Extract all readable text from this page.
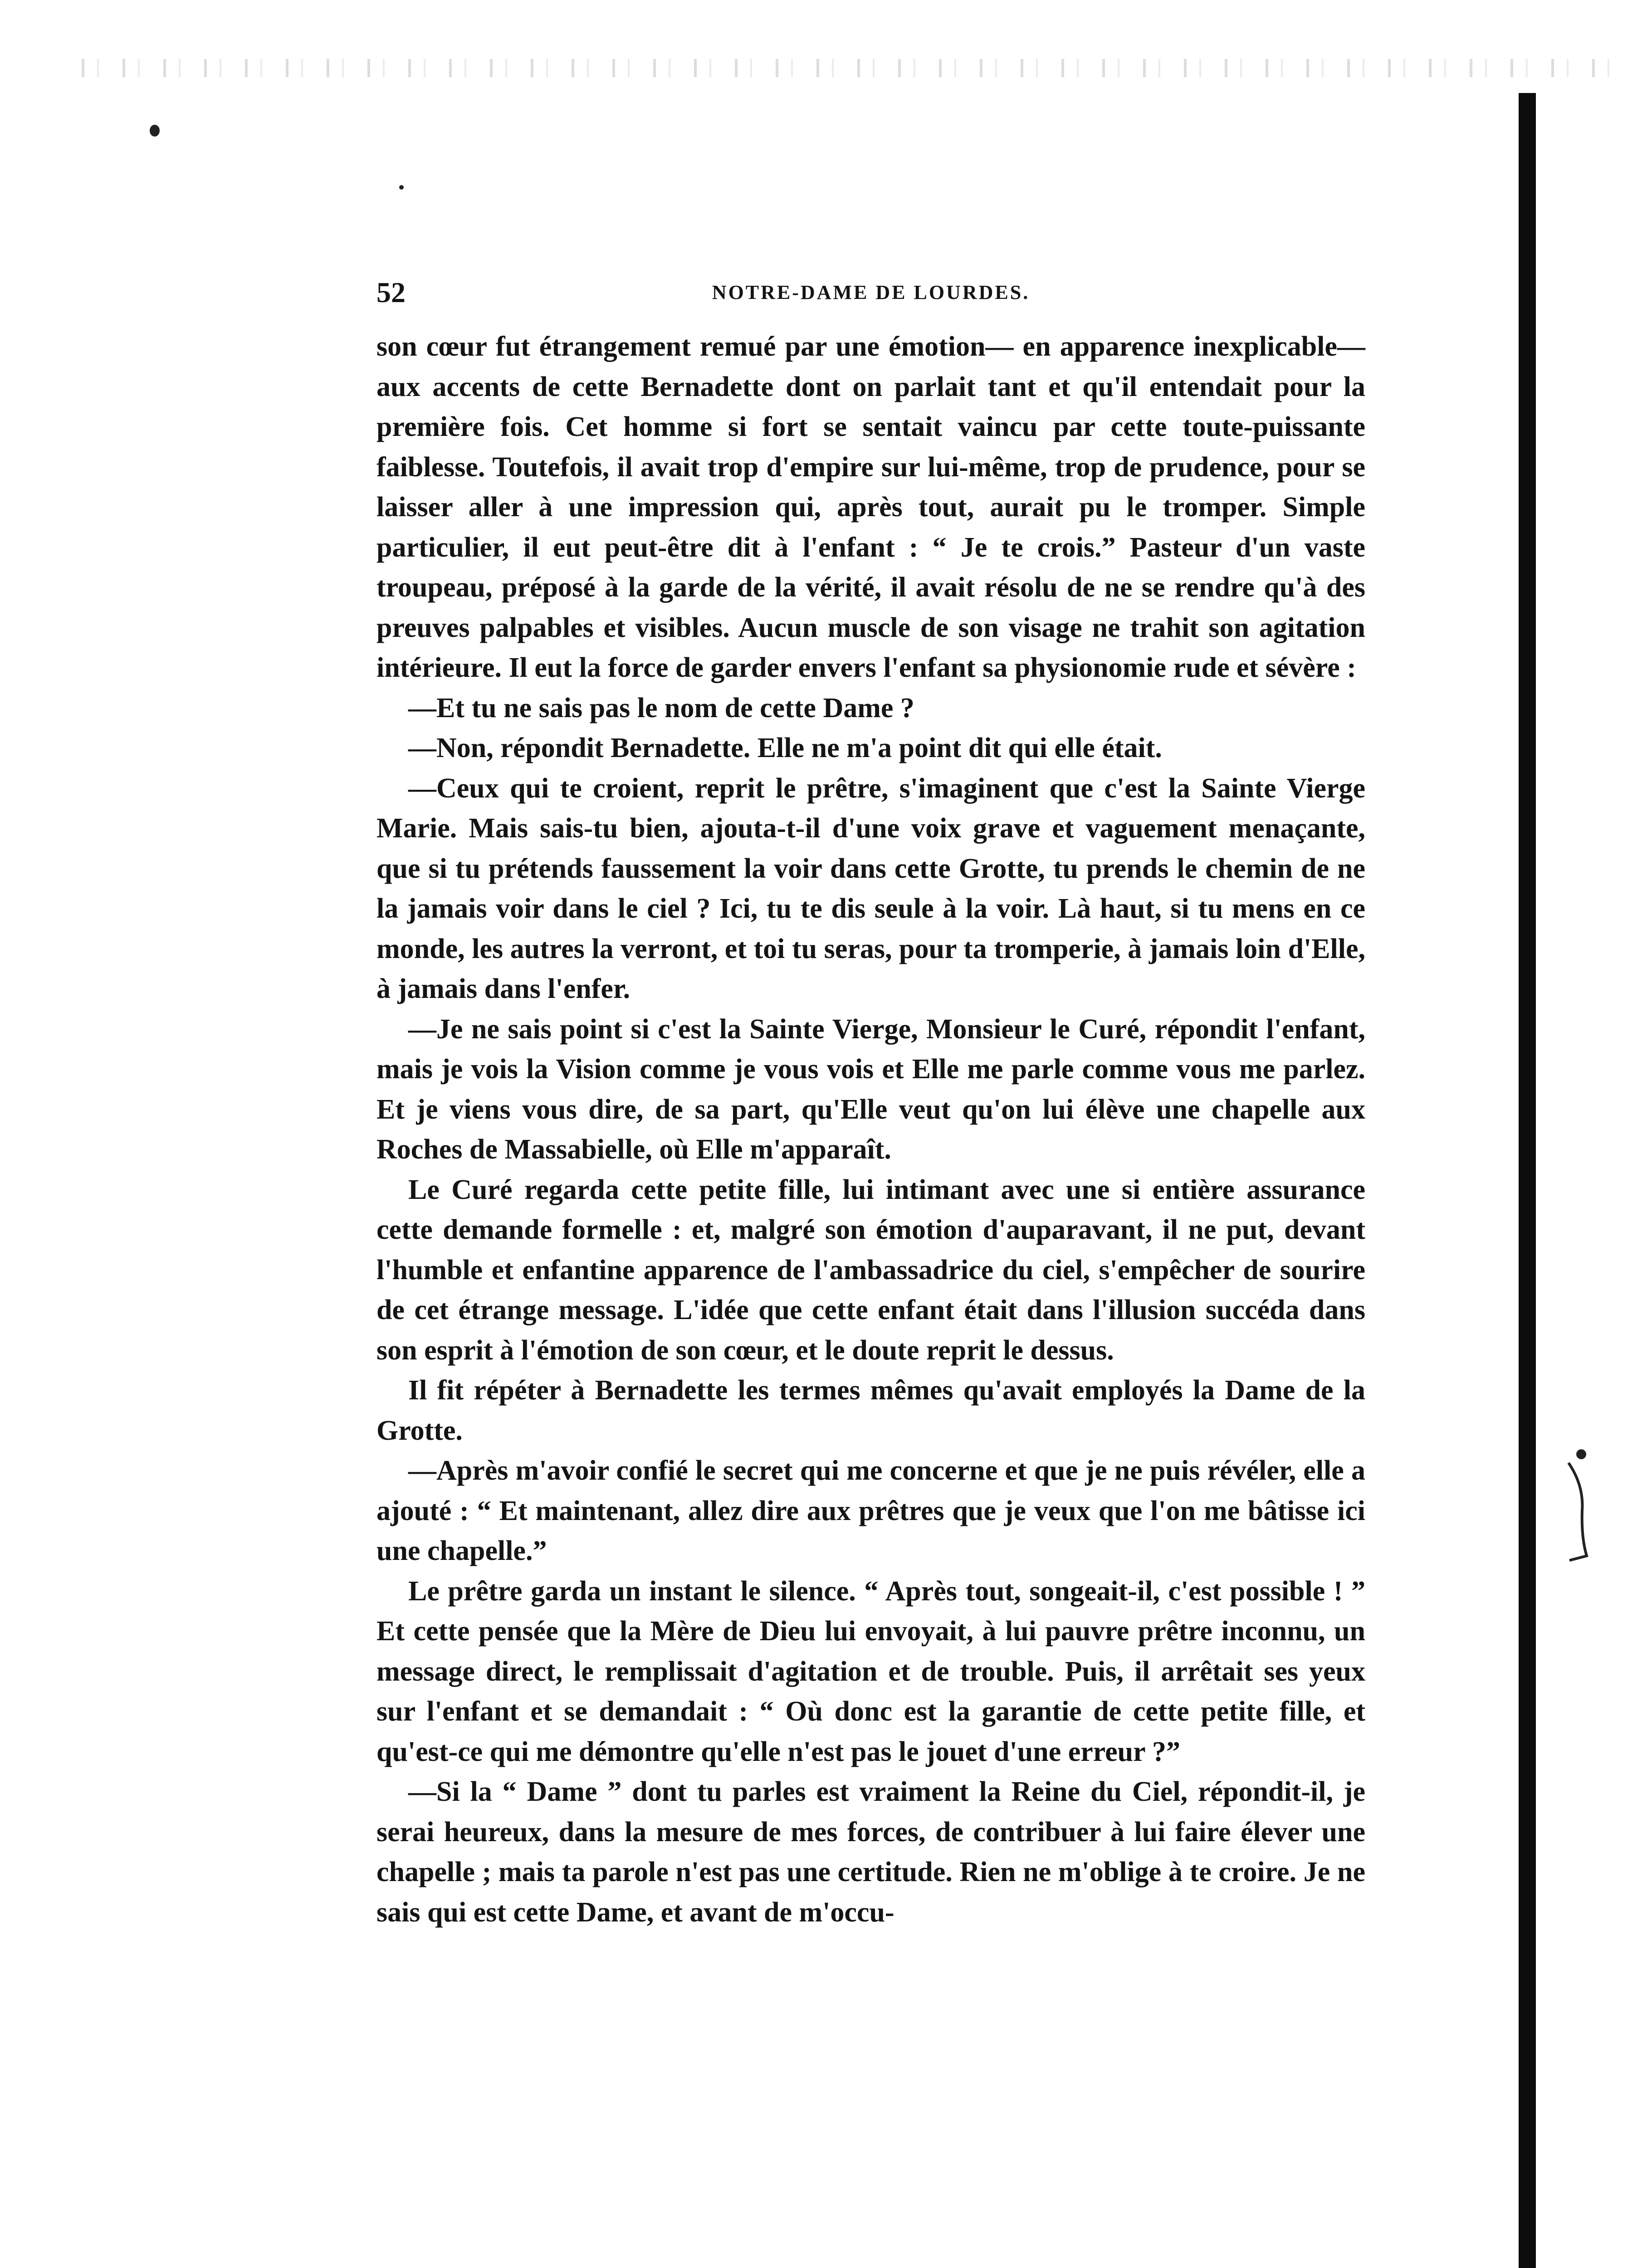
52	NOTRE-DAME DE LOURDES.

son cœur fut étrangement remué par une émotion— en apparence inexplicable—aux accents de cette Bernadette dont on parlait tant et qu'il entendait pour la première fois. Cet homme si fort se sentait vaincu par cette toute-puissante faiblesse. Toutefois, il avait trop d'empire sur lui-même, trop de prudence, pour se laisser aller à une impression qui, après tout, aurait pu le tromper. Simple particulier, il eut peut-être dit à l'enfant : “ Je te crois.” Pasteur d'un vaste troupeau, préposé à la garde de la vérité, il avait résolu de ne se rendre qu'à des preuves palpables et visibles. Aucun muscle de son visage ne trahit son agitation intérieure. Il eut la force de garder envers l'enfant sa physionomie rude et sévère :

—Et tu ne sais pas le nom de cette Dame ?

—Non, répondit Bernadette. Elle ne m'a point dit qui elle était.

—Ceux qui te croient, reprit le prêtre, s'imaginent que c'est la Sainte Vierge Marie. Mais sais-tu bien, ajouta-t-il d'une voix grave et vaguement menaçante, que si tu prétends faussement la voir dans cette Grotte, tu prends le chemin de ne la jamais voir dans le ciel ? Ici, tu te dis seule à la voir. Là haut, si tu mens en ce monde, les autres la verront, et toi tu seras, pour ta tromperie, à jamais loin d'Elle, à jamais dans l'enfer.

—Je ne sais point si c'est la Sainte Vierge, Monsieur le Curé, répondit l'enfant, mais je vois la Vision comme je vous vois et Elle me parle comme vous me parlez. Et je viens vous dire, de sa part, qu'Elle veut qu'on lui élève une chapelle aux Roches de Massabielle, où Elle m'apparaît.

Le Curé regarda cette petite fille, lui intimant avec une si entière assurance cette demande formelle : et, malgré son émotion d'auparavant, il ne put, devant l'humble et enfantine apparence de l'ambassadrice du ciel, s'empêcher de sourire de cet étrange message. L'idée que cette enfant était dans l'illusion succéda dans son esprit à l'émotion de son cœur, et le doute reprit le dessus.

Il fit répéter à Bernadette les termes mêmes qu'avait employés la Dame de la Grotte.

—Après m'avoir confié le secret qui me concerne et que je ne puis révéler, elle a ajouté : “ Et maintenant, allez dire aux prêtres que je veux que l'on me bâtisse ici une chapelle.”

Le prêtre garda un instant le silence. “ Après tout, songeait-il, c'est possible ! ” Et cette pensée que la Mère de Dieu lui envoyait, à lui pauvre prêtre inconnu, un message direct, le remplissait d'agitation et de trouble. Puis, il arrêtait ses yeux sur l'enfant et se demandait : “ Où donc est la garantie de cette petite fille, et qu'est-ce qui me démontre qu'elle n'est pas le jouet d'une erreur ?”

—Si la “ Dame ” dont tu parles est vraiment la Reine du Ciel, répondit-il, je serai heureux, dans la mesure de mes forces, de contribuer à lui faire élever une chapelle ; mais ta parole n'est pas une certitude. Rien ne m'oblige à te croire. Je ne sais qui est cette Dame, et avant de m'occu-
